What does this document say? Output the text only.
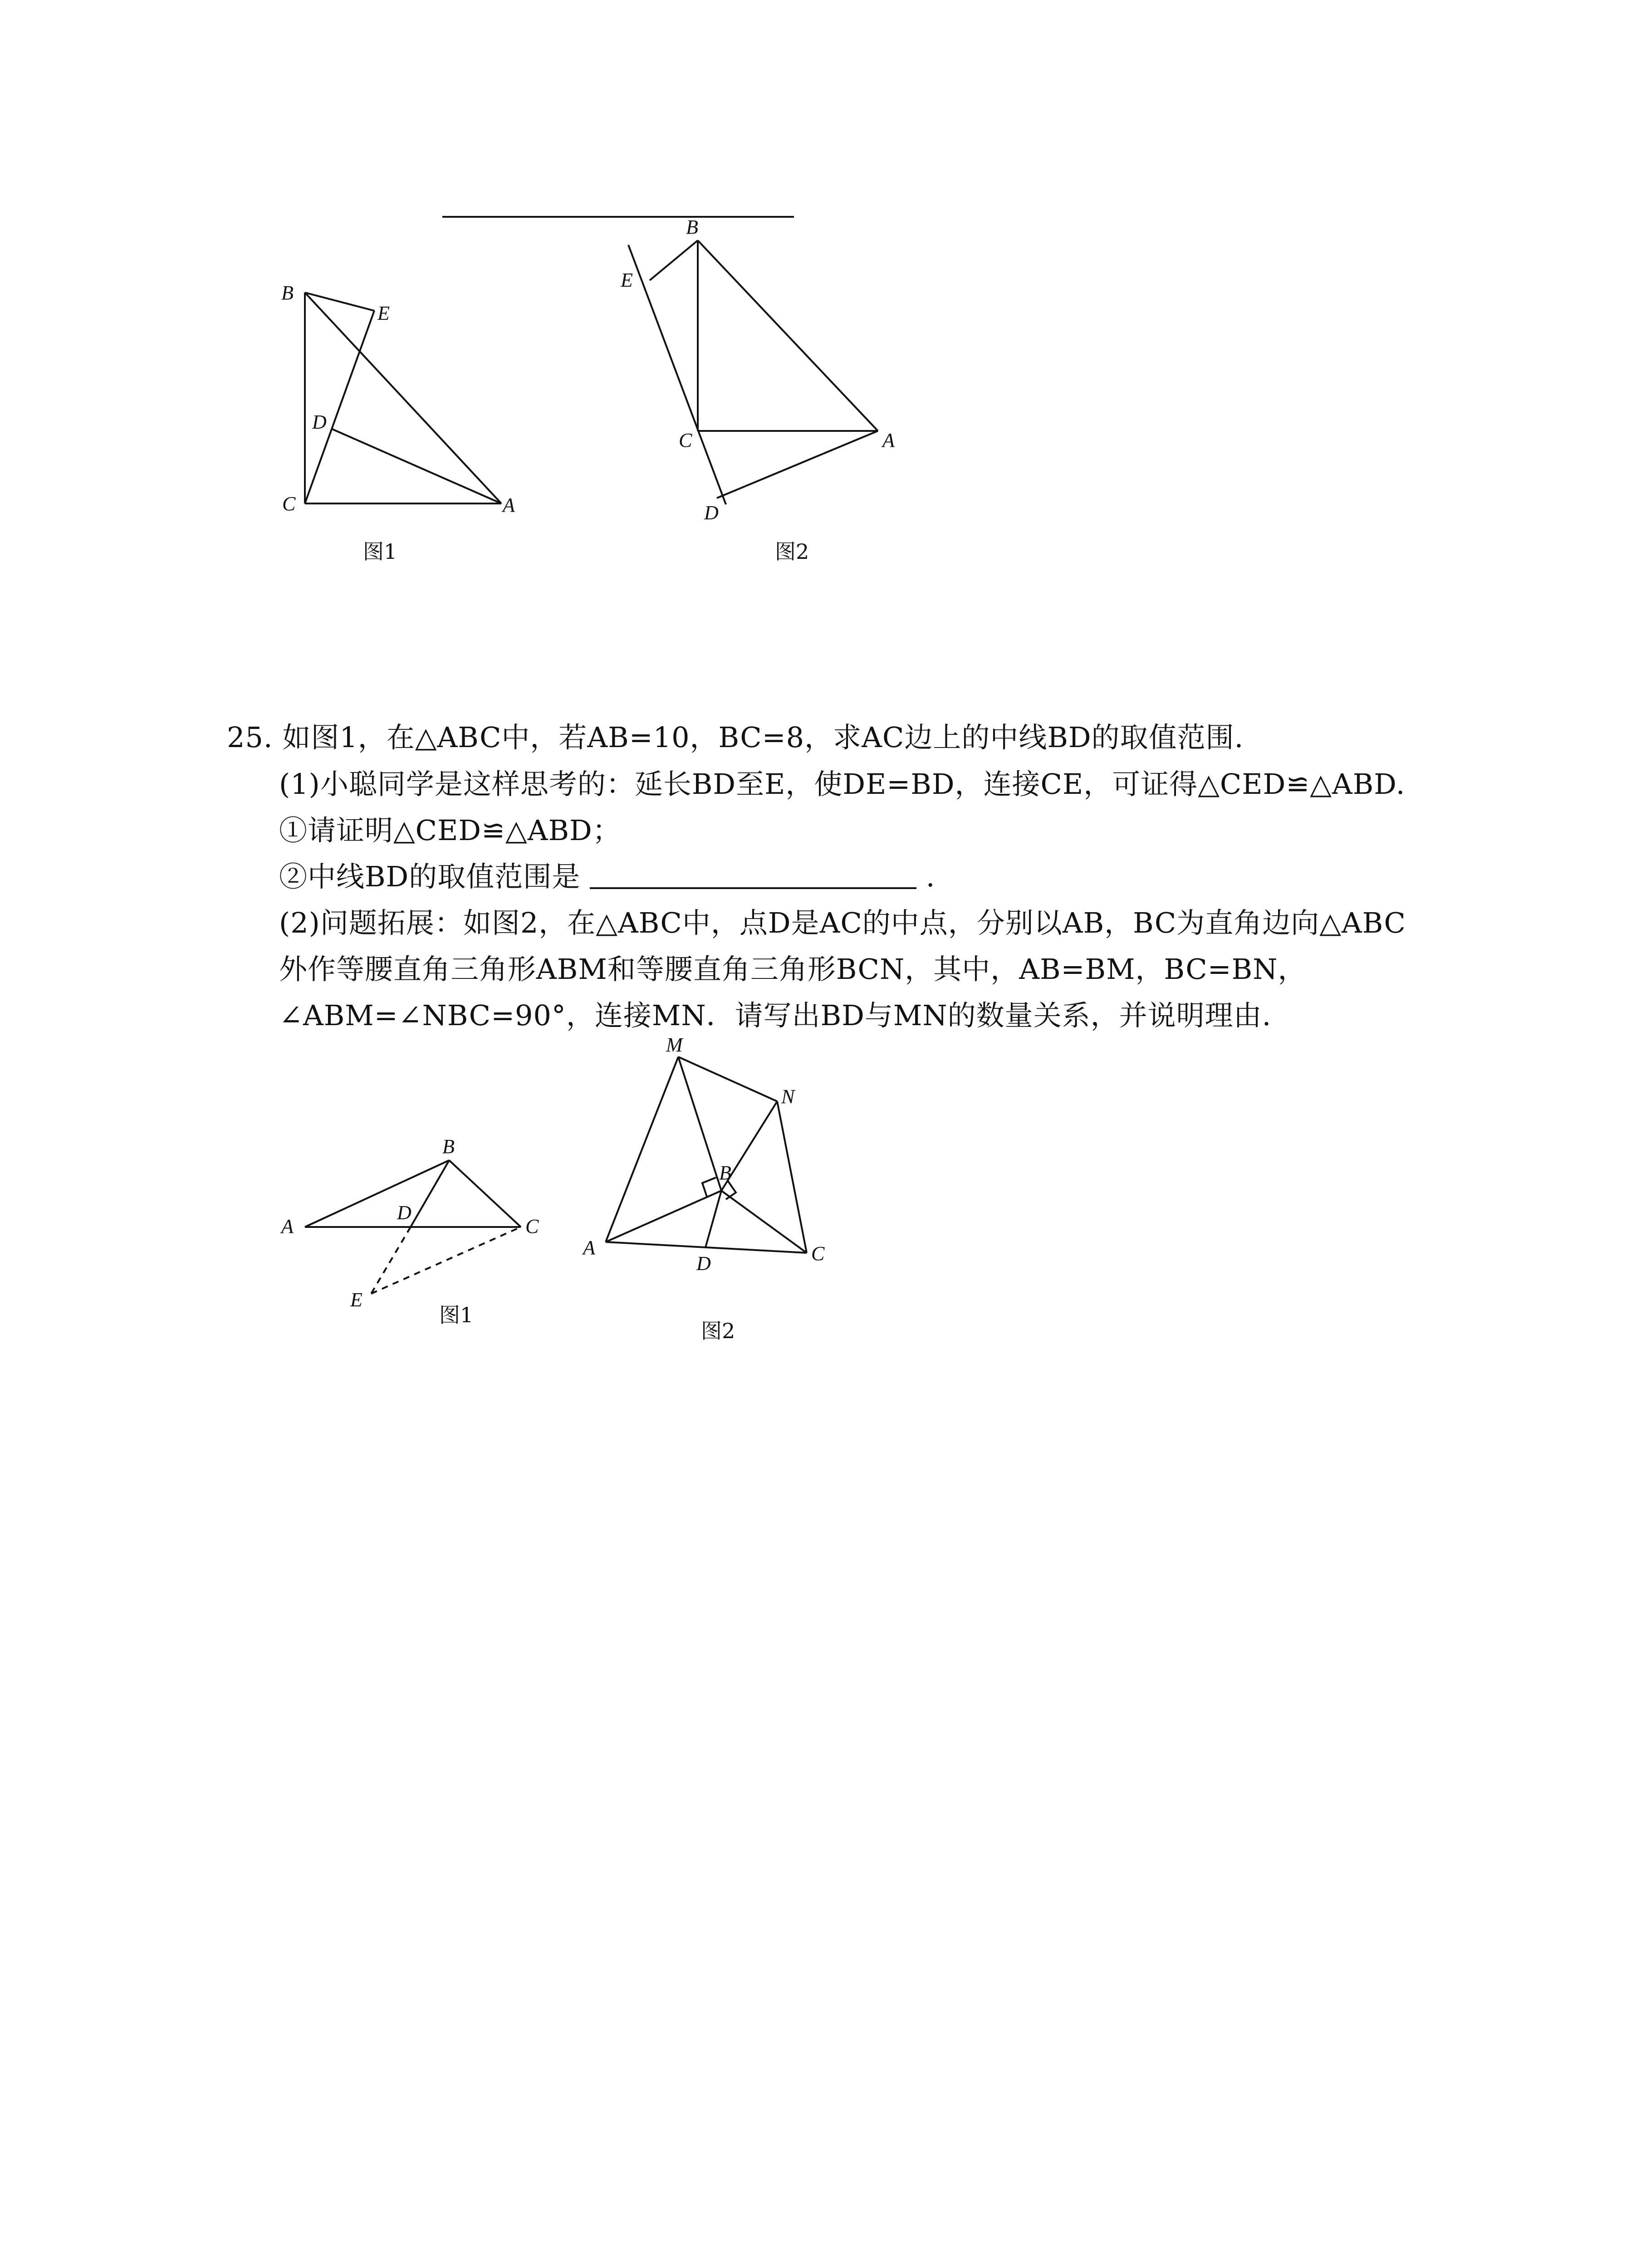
B
E
D
C	A
图1
B
E
C	A
D
图2
25. 如图1，在△ABC中，若AB=10，BC=8，求AC边上的中线BD的取值范围.
(1)小聪同学是这样思考的：延长BD至E，使DE=BD，连接CE，可证得△CED≌△ABD.
①请证明△CED≌△ABD；
②中线BD的取值范围是	.
(2)问题拓展：如图2，在△ABC中，点D是AC的中点，分别以AB，BC为直角边向△ABC
外作等腰直角三角形ABM和等腰直角三角形BCN，其中，AB=BM，BC=BN，
∠ABM=∠NBC=90°，连接MN．请写出BD与MN的数量关系，并说明理由.
B
A
D
C
E
图1
M
N
B
A
D	C
图2
